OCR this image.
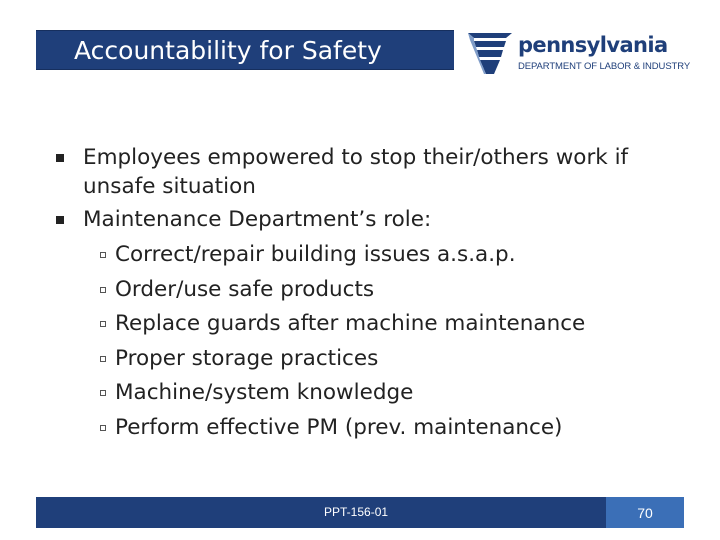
Accountability for Safety	pennsylvania
DEPARTMENT OF LABOR & INDUSTRY
Employees empowered to stop their/others work if unsafe situation
Maintenance Department’s role:
Correct/repair building issues a.s.a.p.
Order/use safe products
Replace guards after machine maintenance
Proper storage practices
Machine/system knowledge
Perform effective PM (prev. maintenance)
PPT-156-01	70
